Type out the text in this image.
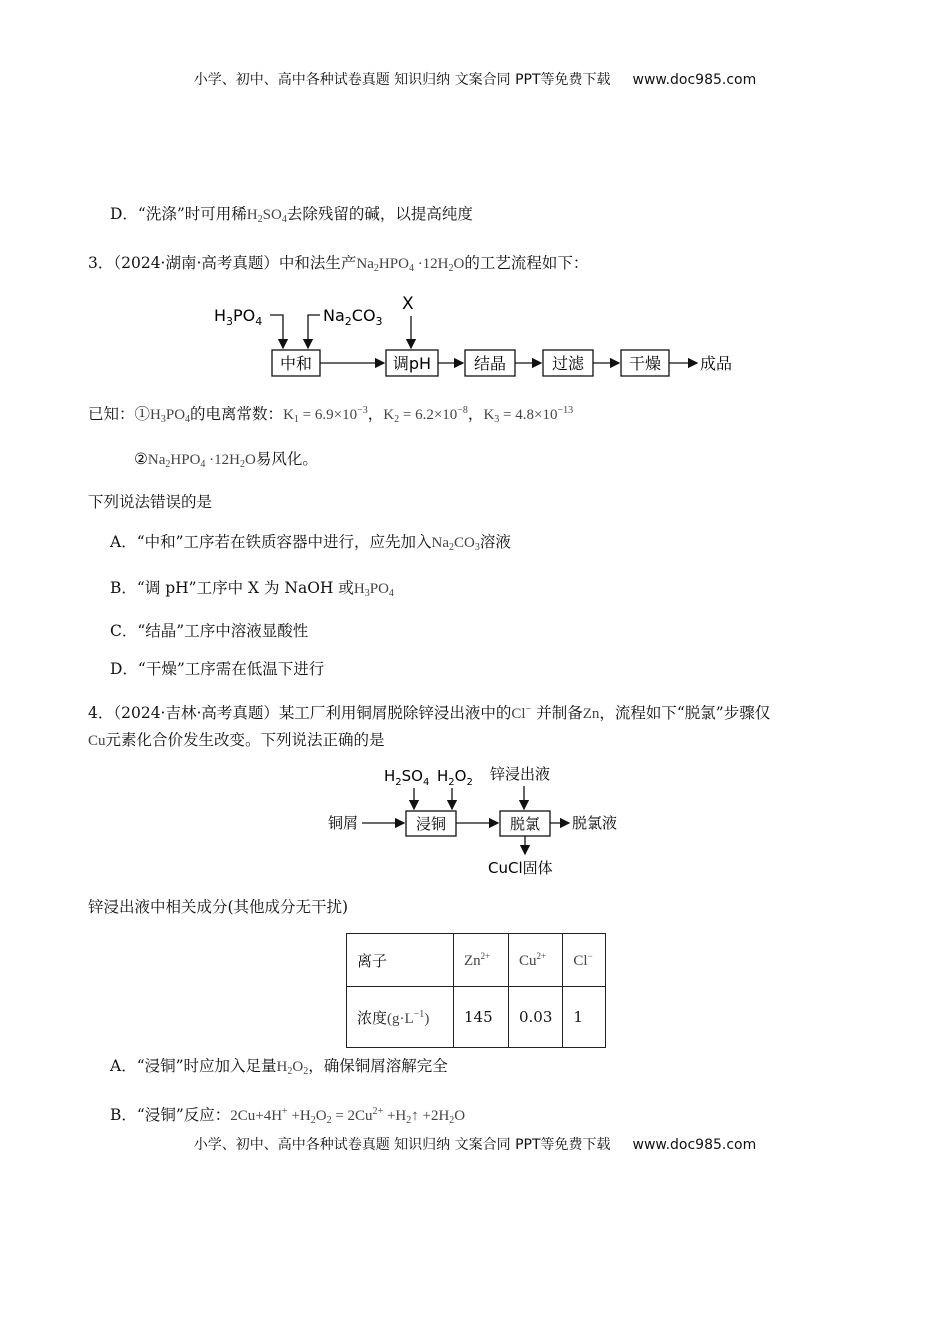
小学、初中、高中各种试卷真题 知识归纳 文案合同 PPT等免费下载 www.doc985.com
D．“洗涤”时可用稀$H_2SO_4$去除残留的碱，以提高纯度
3．（2024·湖南·高考真题）中和法生产$Na_2HPO_4 \cdot 12H_2O$的工艺流程如下：
$H_3PO_4$	$Na_2CO_3$
X
中和	调pH	结晶	过滤	干燥 成品
已知：$①H_3PO_4$的电离常数：$K_1 = 6.9\times 10^{-3}$，$K_2 = 6.2\times 10^{-8}$，$K_3 = 4.8\times 10^{-13}$
$②Na_2HPO_4 \cdot 12H_2O$易风化。
下列说法错误的是
A．“中和”工序若在铁质容器中进行，应先加入$Na_2CO_3$溶液
B．“调 pH”工序中 X 为 NaOH 或$H_3PO_4$
C．“结晶”工序中溶液显酸性
D．“干燥”工序需在低温下进行
4．（2024·吉林·高考真题）某工厂利用铜屑脱除锌浸出液中的Cl− 并制备Zn，流程如下“脱氯”步骤仅
Cu元素化合价发生改变。下列说法正确的是
$H_2SO_4$ $H_2O_2$ 锌浸出液
铜屑	浸铜	脱氯 脱氯液
CuCl固体
锌浸出液中相关成分(其他成分无干扰)
离子	$Zn^{2+}$	$Cu^{2+}$	Cl−
浓度$(g\cdot L^{-1})$	145	0.03	1
A．“浸铜”时应加入足量$H_2O_2$，确保铜屑溶解完全
B．“浸铜”反应：$2Cu+4H^+ +H_2O_2 = 2Cu^{2+}$ $+H_2↑ +2H_2O$
小学、初中、高中各种试卷真题 知识归纳 文案合同 PPT等免费下载 www.doc985.com
